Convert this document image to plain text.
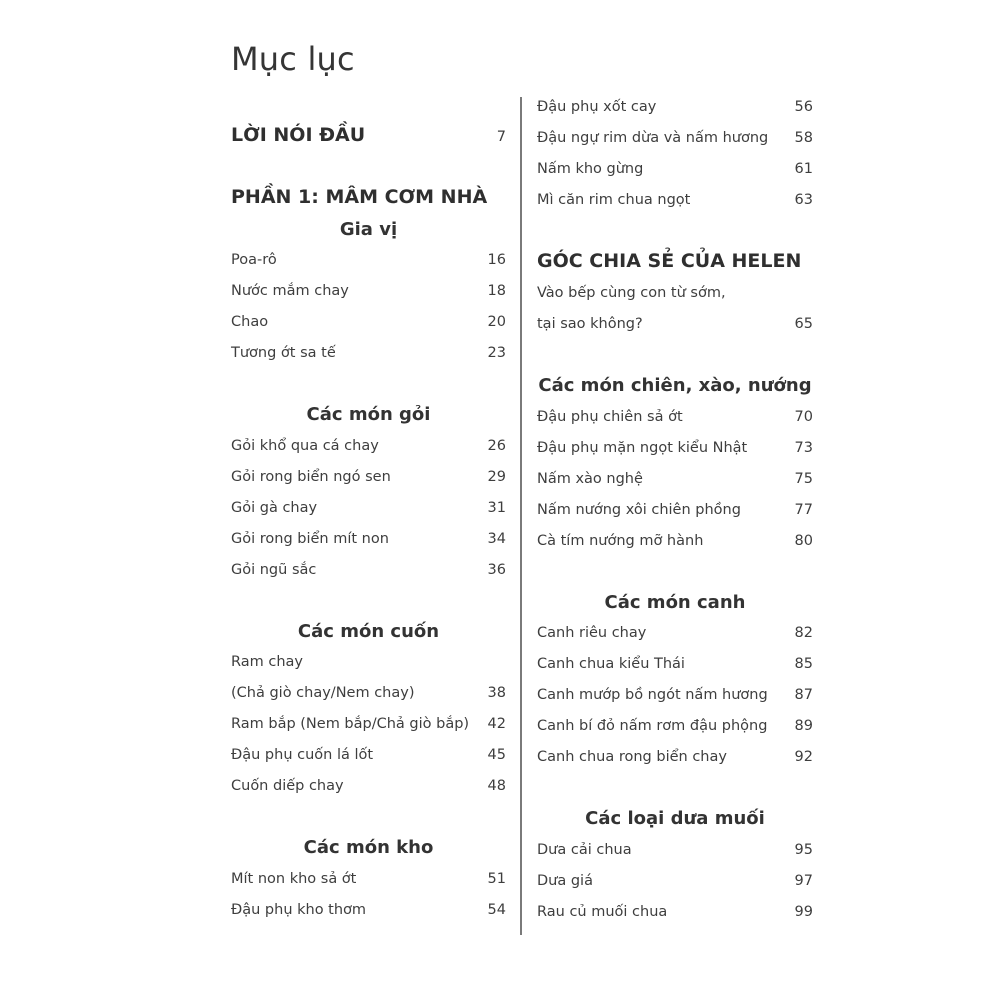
Mục lục
LỜI NÓI ĐẦU	7
PHẦN 1: MÂM CƠM NHÀ
Gia vị
Poa-rô	16
Nước mắm chay	18
Chao	20
Tương ớt sa tế	23
Các món gỏi
Gỏi khổ qua cá chay	26
Gỏi rong biển ngó sen	29
Gỏi gà chay	31
Gỏi rong biển mít non	34
Gỏi ngũ sắc	36
Các món cuốn
Ram chay
(Chả giò chay/Nem chay)	38
Ram bắp (Nem bắp/Chả giò bắp) 42
Đậu phụ cuốn lá lốt	45
Cuốn diếp chay	48
Các món kho
Mít non kho sả ớt	51
Đậu phụ kho thơm	54
Đậu phụ xốt cay	56
Đậu ngự rim dừa và nấm hương 58
Nấm kho gừng	61
Mì căn rim chua ngọt	63
GÓC CHIA SẺ CỦA HELEN
Vào bếp cùng con từ sớm,
tại sao không?	65
Các món chiên, xào, nướng
Đậu phụ chiên sả ớt	70
Đậu phụ mặn ngọt kiểu Nhật	73
Nấm xào nghệ	75
Nấm nướng xôi chiên phồng	77
Cà tím nướng mỡ hành	80
Các món canh
Canh riêu chay	82
Canh chua kiểu Thái	85
Canh mướp bồ ngót nấm hương 87
Canh bí đỏ nấm rơm đậu phộng 89
Canh chua rong biển chay	92
Các loại dưa muối
Dưa cải chua	95
Dưa giá	97
Rau củ muối chua	99
